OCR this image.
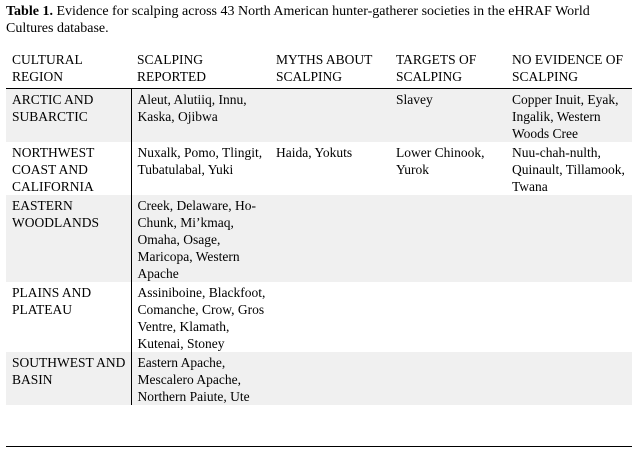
Table 1. Evidence for scalping across 43 North American hunter-gatherer societies in the eHRAF World Cultures database.
CULTURAL REGION	SCALPING REPORTED	MYTHS ABOUT SCALPING	TARGETS OF SCALPING	NO EVIDENCE OF SCALPING
ARCTIC AND SUBARCTIC	Aleut, Alutiiq, Innu, Kaska, Ojibwa		Slavey	Copper Inuit, Eyak, Ingalik, Western Woods Cree
NORTHWEST COAST AND CALIFORNIA	Nuxalk, Pomo, Tlingit, Tubatulabal, Yuki	Haida, Yokuts	Lower Chinook, Yurok	Nuu-chah-nulth, Quinault, Tillamook, Twana
EASTERN WOODLANDS	Creek, Delaware, Ho-Chunk, Mi’kmaq, Omaha, Osage, Maricopa, Western Apache			
PLAINS AND PLATEAU	Assiniboine, Blackfoot, Comanche, Crow, Gros Ventre, Klamath, Kutenai, Stoney			
SOUTHWEST AND BASIN	Eastern Apache, Mescalero Apache, Northern Paiute, Ute			
